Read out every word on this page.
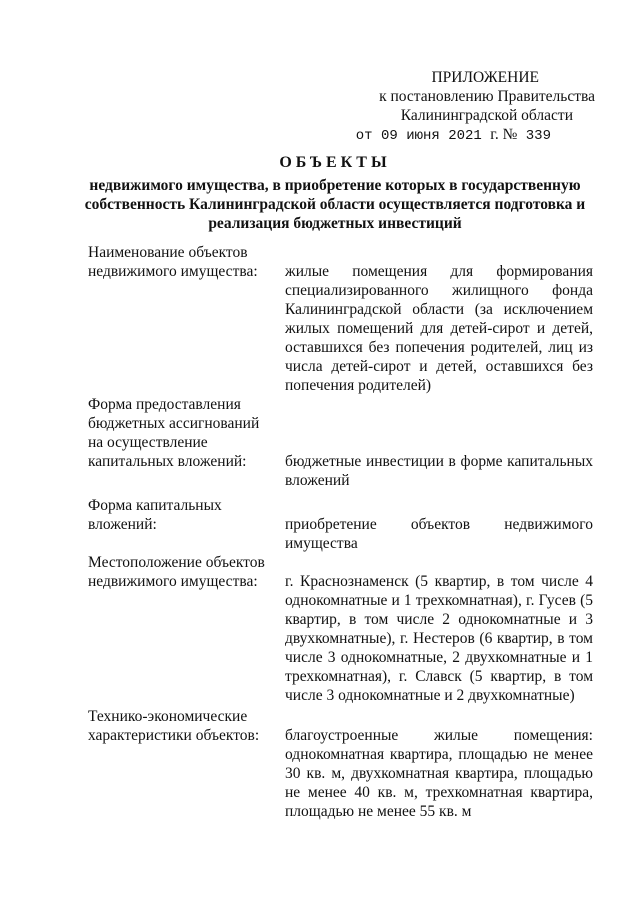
ПРИЛОЖЕНИЕ
к постановлению Правительства
Калининградской области
от 09 июня 2021 г. № 339
ОБЪЕКТЫ
недвижимого имущества, в приобретение которых в государственную собственность Калининградской области осуществляется подготовка и реализация бюджетных инвестиций
Наименование объектов недвижимого имущества:	жилые помещения для формирования специализированного жилищного фонда Калининградской области (за исключением жилых помещений для детей-сирот и детей, оставшихся без попечения родителей, лиц из числа детей-сирот и детей, оставшихся без попечения родителей)
Форма предоставления бюджетных ассигнований на осуществление капитальных вложений:	бюджетные инвестиции в форме капитальных вложений
Форма капитальных вложений:	приобретение объектов недвижимого имущества
Местоположение объектов недвижимого имущества:	г. Краснознаменск (5 квартир, в том числе 4 однокомнатные и 1 трехкомнатная), г. Гусев (5 квартир, в том числе 2 однокомнатные и 3 двухкомнатные), г. Нестеров (6 квартир, в том числе 3 однокомнатные, 2 двухкомнатные и 1 трехкомнатная), г. Славск (5 квартир, в том числе 3 однокомнатные и 2 двухкомнатные)
Технико-экономические характеристики объектов:	благоустроенные жилые помещения: однокомнатная квартира, площадью не менее 30 кв. м, двухкомнатная квартира, площадью не менее 40 кв. м, трехкомнатная квартира, площадью не менее 55 кв. м
